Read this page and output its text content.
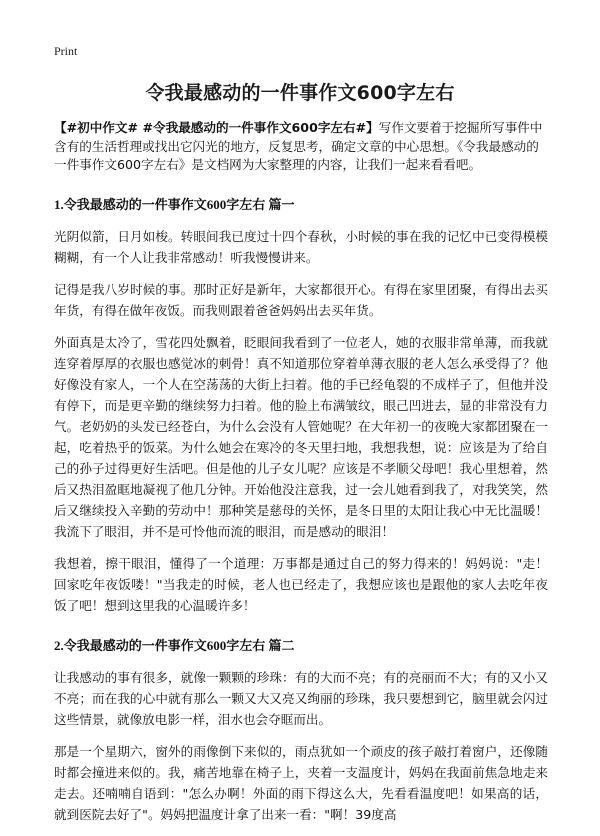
Print
令我最感动的一件事作文600字左右

【#初中作文# #令我最感动的一件事作文600字左右#】写作文要着于挖掘所写事件中含有的生活哲理或找出它闪光的地方，反复思考，确定文章的中心思想。《令我最感动的一件事作文600字左右》是文档网为大家整理的内容，让我们一起来看看吧。

1.令我最感动的一件事作文600字左右 篇一

光阴似箭，日月如梭。转眼间我已度过十四个春秋，小时候的事在我的记忆中已变得模模糊糊，有一个人让我非常感动！听我慢慢讲来。

记得是我八岁时候的事。那时正好是新年，大家都很开心。有得在家里团聚，有得出去买年货，有得在做年夜饭。而我则跟着爸爸妈妈出去买年货。

外面真是太冷了，雪花四处飘着，眨眼间我看到了一位老人，她的衣服非常单薄，而我就连穿着厚厚的衣服也感觉冰的刺骨！真不知道那位穿着单薄衣服的老人怎么承受得了？他好像没有家人，一个人在空荡荡的大街上扫着。他的手已经龟裂的不成样子了，但他并没有停下，而是更辛勤的继续努力扫着。他的脸上布满皱纹，眼己凹进去，显的非常没有力气。老奶奶的头发已经苍白，为什么会没有人管她呢？在大年初一的夜晚大家都团聚在一起，吃着热乎的饭菜。为什么她会在寒冷的冬天里扫地，我想我想，说：应该是为了给自己的孙子过得更好生活吧。但是他的儿子女儿呢？应该是不孝顺父母吧！我心里想着，然后又热泪盈眶地凝视了他几分钟。开始他没注意我，过一会儿她看到我了，对我笑笑，然后又继续投入辛勤的劳动中！那种笑是慈母的关怀，是冬日里的太阳让我心中无比温暖！我流下了眼泪，并不是可怜他而流的眼泪，而是感动的眼泪！

我想着，擦干眼泪，懂得了一个道理：万事都是通过自己的努力得来的！妈妈说："走！回家吃年夜饭喽！"当我走的时候，老人也已经走了，我想应该也是跟他的家人去吃年夜饭了吧！想到这里我的心温暖许多！

2.令我最感动的一件事作文600字左右 篇二

让我感动的事有很多，就像一颗颗的珍珠：有的大而不亮；有的亮丽而不大；有的又小又不亮；而在我的心中就有那么一颗又大又亮又绚丽的珍珠，我只要想到它，脑里就会闪过这些情景，就像放电影一样，泪水也会夺眶而出。

那是一个星期六，窗外的雨像倒下来似的，雨点犹如一个顽皮的孩子敲打着窗户，还像随时都会撞进来似的。我，痛苦地靠在椅子上，夹着一支温度计，妈妈在我面前焦急地走来走去。还喃喃自语到："怎么办啊！外面的雨下得这么大，先看看温度吧！如果高的话，就到医院去好了"。妈妈把温度计拿了出来一看："啊！39度高
